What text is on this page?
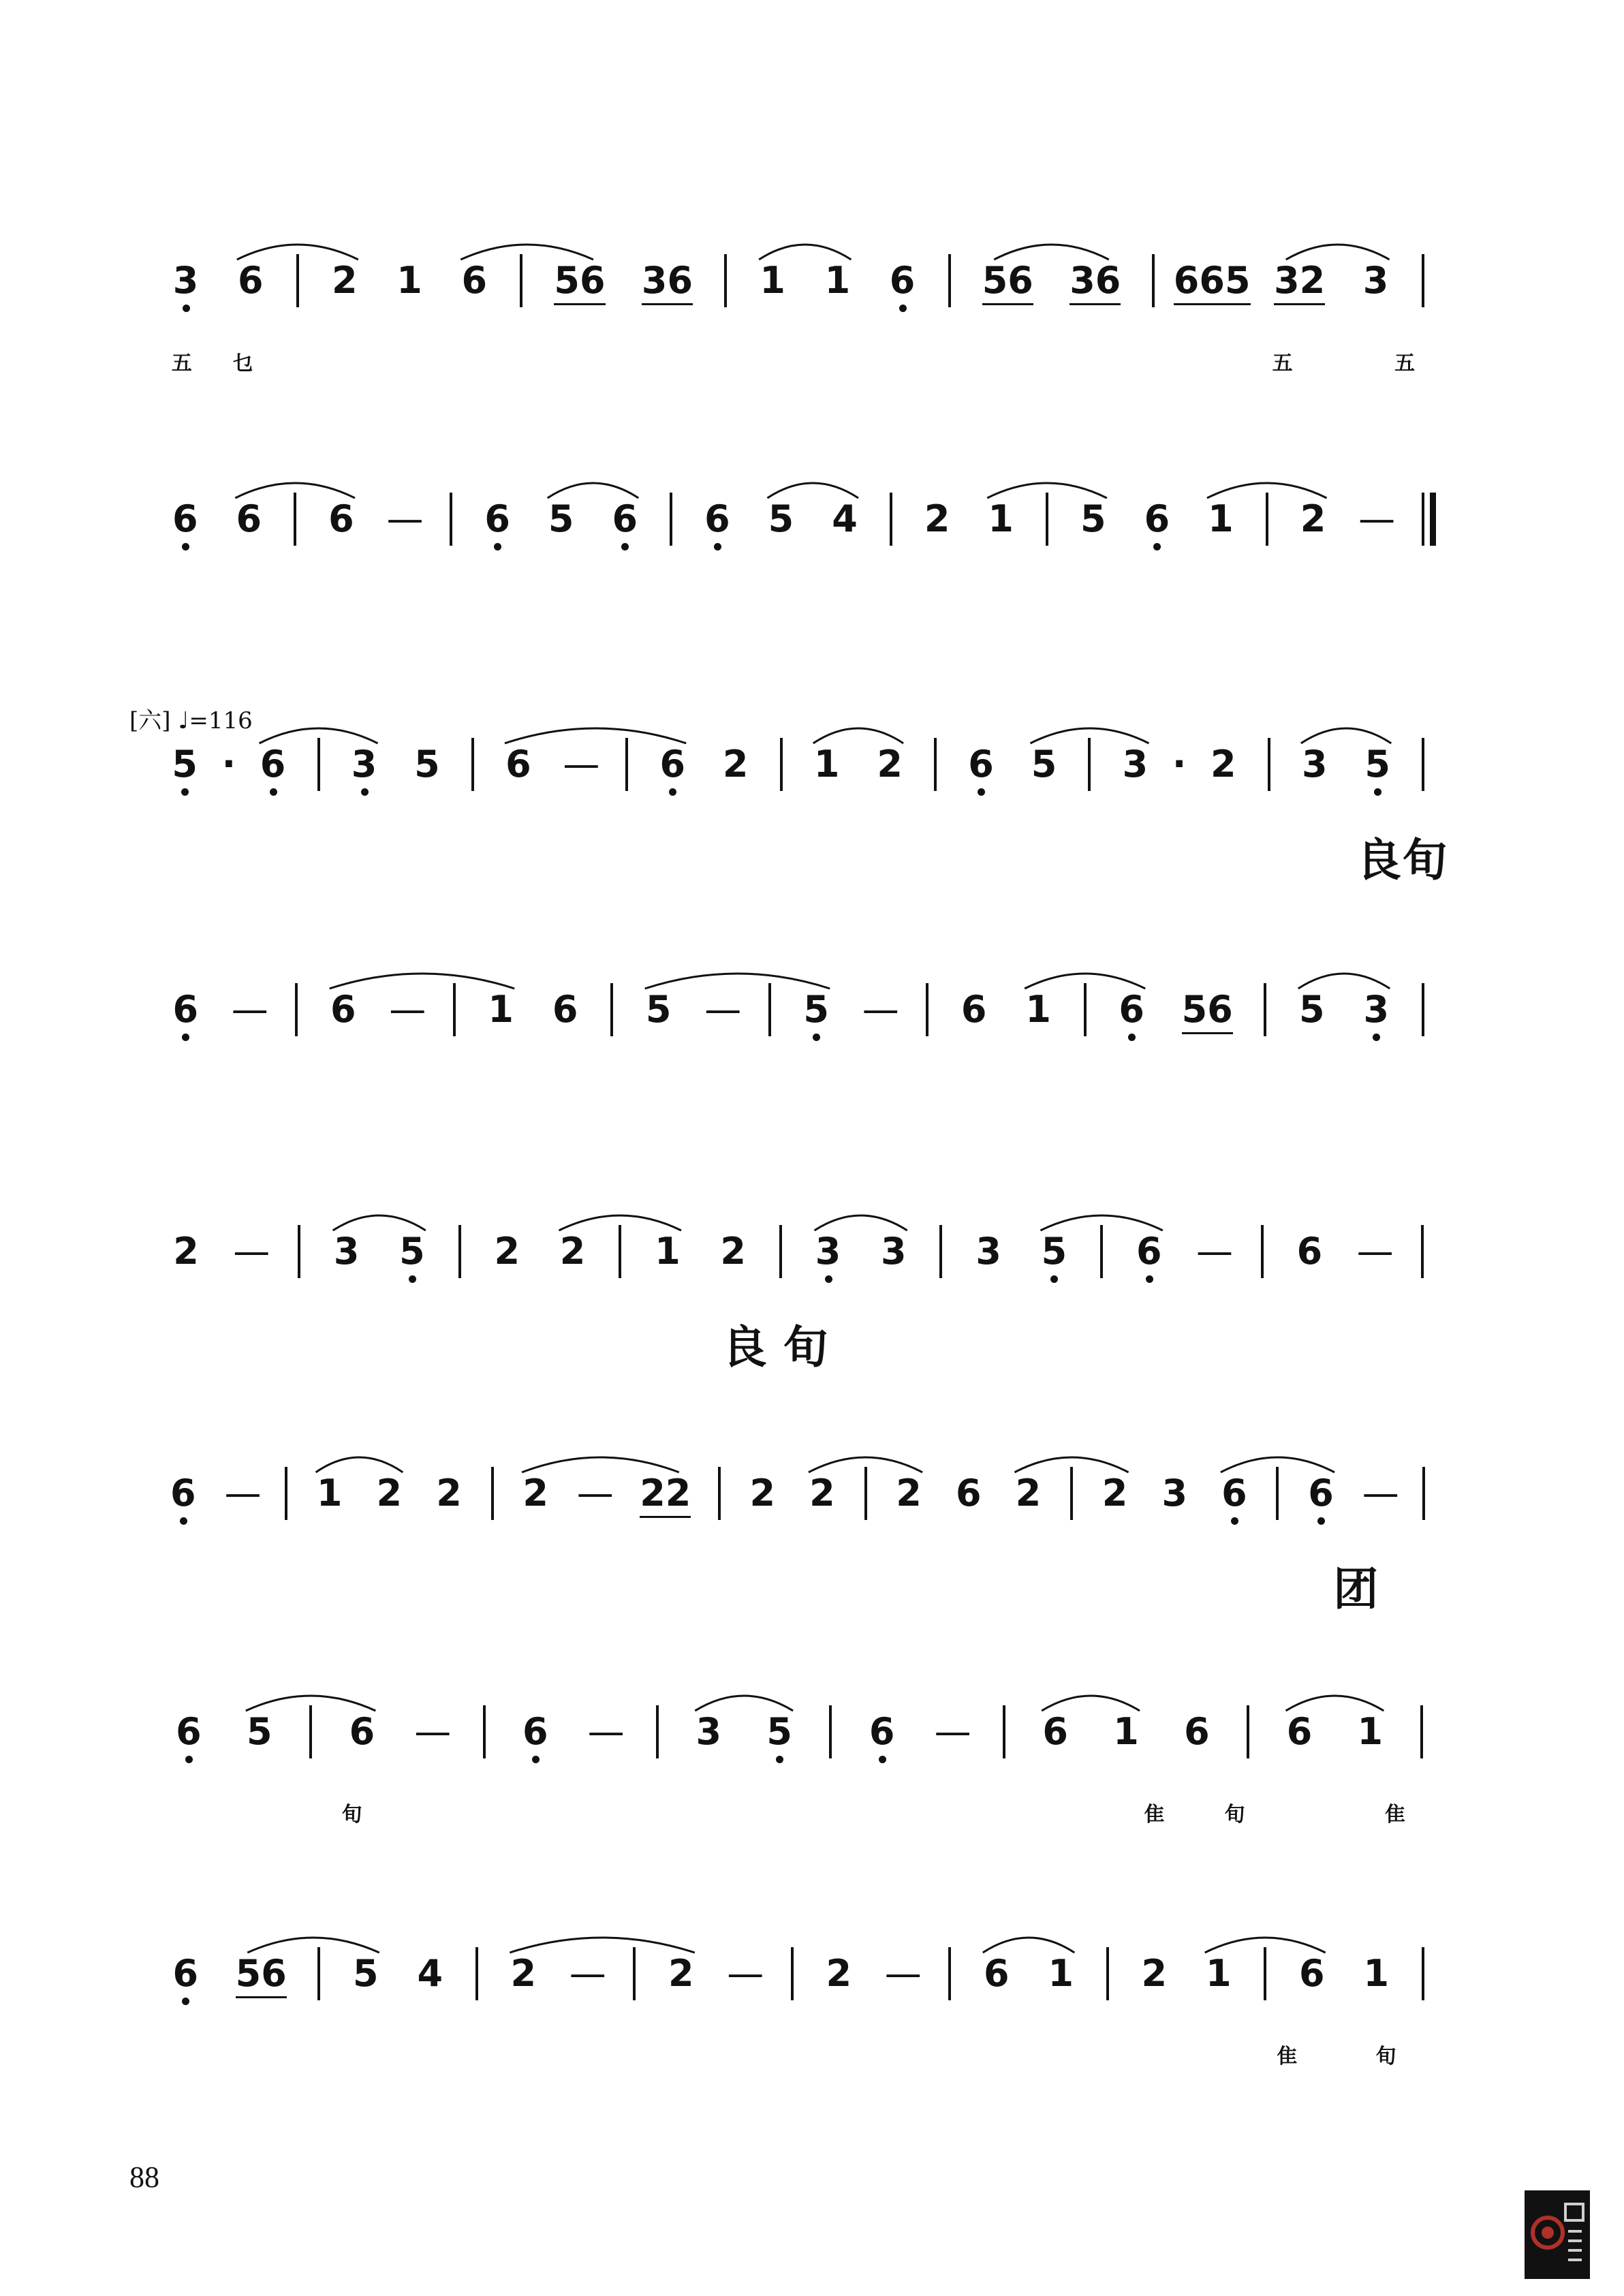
3 6 2 1 6 56 36 1 1 6 56 36 665 32 3
五 乜	五	五
6 6 6 — 6 5 6 6 5 4 2 1 5 6 1 2 —
5 · 6 3 5 6 — 6 2 1 2 6 5 3 · 2 3 5
良 旬
6 — 6 — 1 6 5 — 5 — 6 1 6 56 5 3
2 — 3 5 2 2 1 2 3 3 3 5 6 — 6 —
良 旬
6 — 1 2 2 2 — 22 2 2 2 6 2 2 3 6 6 —
团
6 5 6 — 6 — 3 5 6 — 6 1 6 6 1
旬	隹	旬	隹
6 56 5 4 2 — 2 — 2 — 6 1 2 1 6 1
隹	旬
[六] ♩=116
88
